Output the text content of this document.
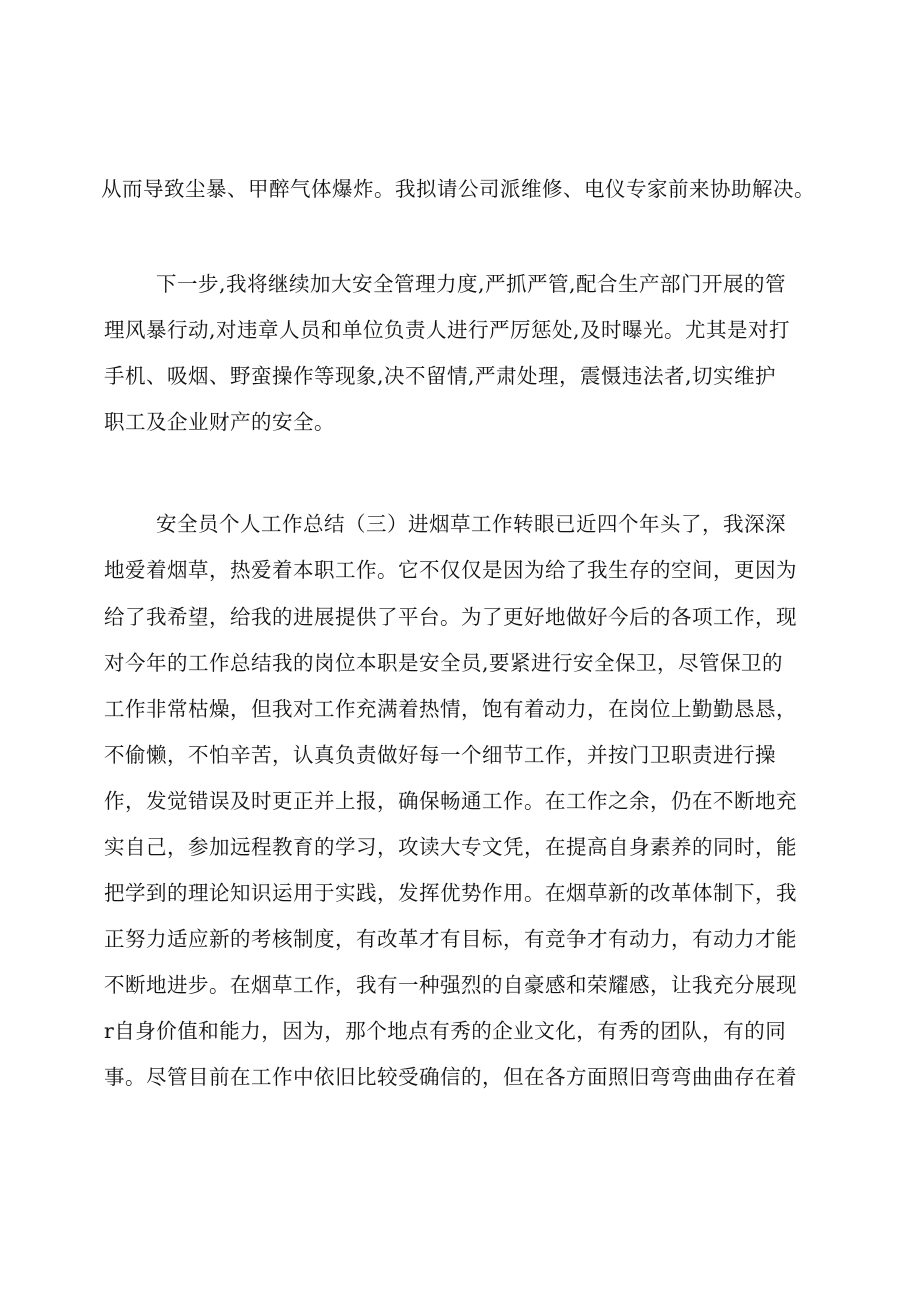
从而导致尘暴、甲醉气体爆炸。我拟请公司派维修、电仪专家前来协助解决。
下一步,我将继续加大安全管理力度,严抓严管,配合生产部门开展的管
理风暴行动,对违章人员和单位负责人进行严厉惩处,及时曝光。尤其是对打
手机、吸烟、野蛮操作等现象,决不留情,严肃处理，震慑违法者,切实维护
职工及企业财产的安全。
安全员个人工作总结（三）进烟草工作转眼已近四个年头了，我深深
地爱着烟草，热爱着本职工作。它不仅仅是因为给了我生存的空间，更因为
给了我希望，给我的进展提供了平台。为了更好地做好今后的各项工作，现
对今年的工作总结我的岗位本职是安全员,要紧进行安全保卫，尽管保卫的
工作非常枯燥，但我对工作充满着热情，饱有着动力，在岗位上勤勤恳恳，
不偷懒，不怕辛苦，认真负责做好每一个细节工作，并按门卫职责进行操
作，发觉错误及时更正并上报，确保畅通工作。在工作之余，仍在不断地充
实自己，参加远程教育的学习，攻读大专文凭，在提高自身素养的同时，能
把学到的理论知识运用于实践，发挥优势作用。在烟草新的改革体制下，我
正努力适应新的考核制度，有改革才有目标，有竞争才有动力，有动力才能
不断地进步。在烟草工作，我有一种强烈的自豪感和荣耀感，让我充分展现
r自身价值和能力，因为，那个地点有秀的企业文化，有秀的团队，有的同
事。尽管目前在工作中依旧比较受确信的，但在各方面照旧弯弯曲曲存在着
